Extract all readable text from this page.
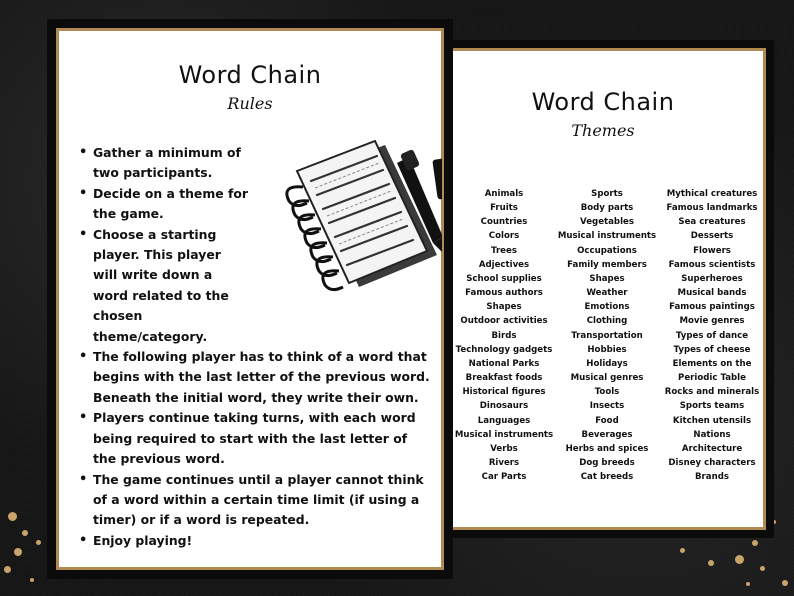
Word Chain
Themes
Animals
Fruits
Countries
Colors
Trees
Adjectives
School supplies
Famous authors
Shapes
Outdoor activities
Birds
Technology gadgets
National Parks
Breakfast foods
Historical figures
Dinosaurs
Languages
Musical instruments
Verbs
Rivers
Car Parts
Sports
Body parts
Vegetables
Musical instruments
Occupations
Family members
Shapes
Weather
Emotions
Clothing
Transportation
Hobbies
Holidays
Musical genres
Tools
Insects
Food
Beverages
Herbs and spices
Dog breeds
Cat breeds
Mythical creatures
Famous landmarks
Sea creatures
Desserts
Flowers
Famous scientists
Superheroes
Musical bands
Famous paintings
Movie genres
Types of dance
Types of cheese
Elements on the
Periodic Table
Rocks and minerals
Sports teams
Kitchen utensils
Nations
Architecture
Disney characters
Brands
Word Chain
Rules
• Gather a minimum of two participants.
• Decide on a theme for the game.
• Choose a starting player. This player will write down a word related to the chosen theme/category.
• The following player has to think of a word that begins with the last letter of the previous word. Beneath the initial word, they write their own.
• Players continue taking turns, with each word being required to start with the last letter of the previous word.
• The game continues until a player cannot think of a word within a certain time limit (if using a timer) or if a word is repeated.
• Enjoy playing!
